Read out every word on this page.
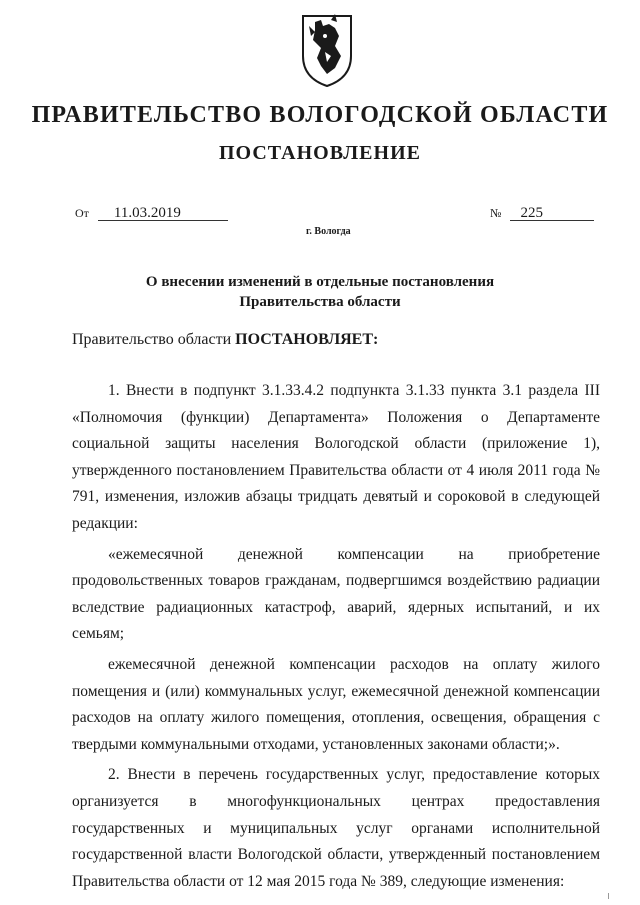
ПРАВИТЕЛЬСТВО ВОЛОГОДСКОЙ ОБЛАСТИ
ПОСТАНОВЛЕНИЕ
От 11.03.2019	№ 225
г. Вологда
О внесении изменений в отдельные постановления
Правительства области
Правительство области ПОСТАНОВЛЯЕТ:

1. Внести в подпункт 3.1.33.4.2 подпункта 3.1.33 пункта 3.1 раздела III «Полномочия (функции) Департамента» Положения о Департаменте социальной защиты населения Вологодской области (приложение 1), утвержденного постановлением Правительства области от 4 июля 2011 года № 791, изменения, изложив абзацы тридцать девятый и сороковой в следующей редакции:

«ежемесячной денежной компенсации на приобретение продовольственных товаров гражданам, подвергшимся воздействию радиации вследствие радиационных катастроф, аварий, ядерных испытаний, и их семьям;

ежемесячной денежной компенсации расходов на оплату жилого помещения и (или) коммунальных услуг, ежемесячной денежной компенсации расходов на оплату жилого помещения, отопления, освещения, обращения с твердыми коммунальными отходами, установленных законами области;».

2. Внести в перечень государственных услуг, предоставление которых организуется в многофункциональных центрах предоставления государственных и муниципальных услуг органами исполнительной государственной власти Вологодской области, утвержденный постановлением Правительства области от 12 мая 2015 года № 389, следующие изменения:
